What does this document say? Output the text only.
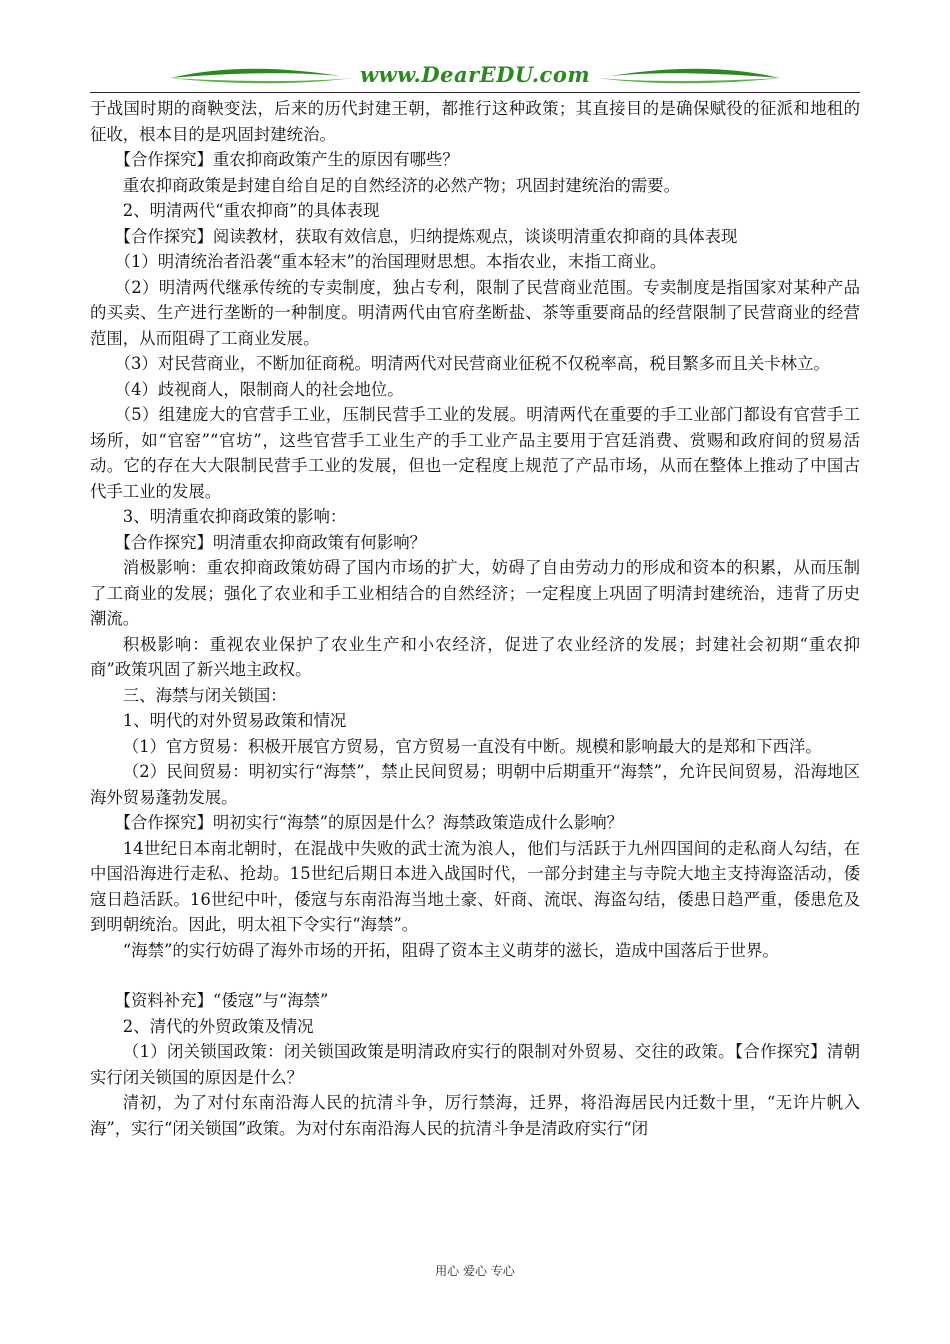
www.DearEDU.com

于战国时期的商鞅变法，后来的历代封建王朝，都推行这种政策；其直接目的是确保赋役的征派和地租的征收，根本目的是巩固封建统治。

【合作探究】重农抑商政策产生的原因有哪些？

重农抑商政策是封建自给自足的自然经济的必然产物；巩固封建统治的需要。

2、明清两代“重农抑商”的具体表现

【合作探究】阅读教材，获取有效信息，归纳提炼观点，谈谈明清重农抑商的具体表现

（1）明清统治者沿袭“重本轻末”的治国理财思想。本指农业，末指工商业。

（2）明清两代继承传统的专卖制度，独占专利，限制了民营商业范围。专卖制度是指国家对某种产品的买卖、生产进行垄断的一种制度。明清两代由官府垄断盐、茶等重要商品的经营限制了民营商业的经营范围，从而阻碍了工商业发展。

（3）对民营商业，不断加征商税。明清两代对民营商业征税不仅税率高，税目繁多而且关卡林立。

（4）歧视商人，限制商人的社会地位。

（5）组建庞大的官营手工业，压制民营手工业的发展。明清两代在重要的手工业部门都设有官营手工场所，如“官窑”“官坊”，这些官营手工业生产的手工业产品主要用于宫廷消费、赏赐和政府间的贸易活动。它的存在大大限制民营手工业的发展，但也一定程度上规范了产品市场，从而在整体上推动了中国古代手工业的发展。

3、明清重农抑商政策的影响：

【合作探究】明清重农抑商政策有何影响？

消极影响：重农抑商政策妨碍了国内市场的扩大，妨碍了自由劳动力的形成和资本的积累，从而压制了工商业的发展；强化了农业和手工业相结合的自然经济；一定程度上巩固了明清封建统治，违背了历史潮流。

积极影响：重视农业保护了农业生产和小农经济，促进了农业经济的发展；封建社会初期“重农抑商”政策巩固了新兴地主政权。

三、海禁与闭关锁国：

1、明代的对外贸易政策和情况

（1）官方贸易：积极开展官方贸易，官方贸易一直没有中断。规模和影响最大的是郑和下西洋。

（2）民间贸易：明初实行“海禁”，禁止民间贸易；明朝中后期重开“海禁”，允许民间贸易，沿海地区海外贸易蓬勃发展。

【合作探究】明初实行“海禁”的原因是什么？海禁政策造成什么影响？

14世纪日本南北朝时，在混战中失败的武士流为浪人，他们与活跃于九州四国间的走私商人勾结，在中国沿海进行走私、抢劫。15世纪后期日本进入战国时代，一部分封建主与寺院大地主支持海盗活动，倭寇日趋活跃。16世纪中叶，倭寇与东南沿海当地土豪、奸商、流氓、海盗勾结，倭患日趋严重，倭患危及到明朝统治。因此，明太祖下令实行“海禁”。

“海禁”的实行妨碍了海外市场的开拓，阻碍了资本主义萌芽的滋长，造成中国落后于世界。

【资料补充】“倭寇”与“海禁”

2、清代的外贸政策及情况

（1）闭关锁国政策：闭关锁国政策是明清政府实行的限制对外贸易、交往的政策。【合作探究】清朝实行闭关锁国的原因是什么？

清初，为了对付东南沿海人民的抗清斗争，厉行禁海，迁界，将沿海居民内迁数十里，“无许片帆入海”，实行“闭关锁国”政策。为对付东南沿海人民的抗清斗争是清政府实行“闭

用心 爱心 专心
